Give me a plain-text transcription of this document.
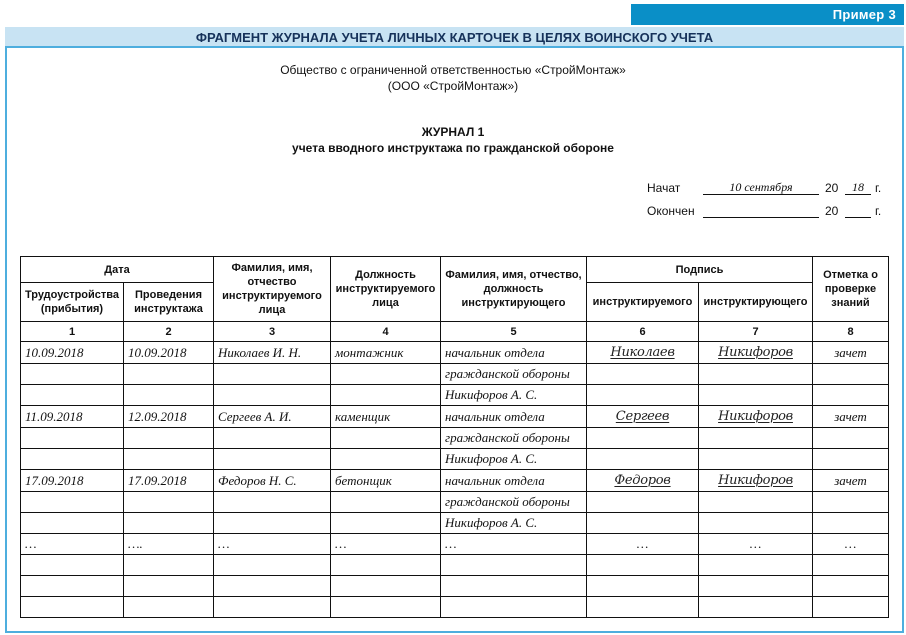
Пример 3
ФРАГМЕНТ ЖУРНАЛА УЧЕТА ЛИЧНЫХ КАРТОЧЕК В ЦЕЛЯХ ВОИНСКОГО УЧЕТА
Общество с ограниченной ответственностью «СтройМонтаж»
(ООО «СтройМонтаж»)
ЖУРНАЛ 1
учета вводного инструктажа по гражданской обороне
Начат	10 сентября	20	18 г.
Окончен	20	г.
Дата		Фамилия, имя, отчество инструктируемого лица	Должность инструктируемого лица	Фамилия, имя, отчество, должность инструктирующего	Подпись		Отметка о проверке знаний
Трудоустройства (прибытия)	Проведения инструктажа				инструктируемого	инструктирующего	
1	2	3	4	5	6	7	8
10.09.2018	10.09.2018	Николаев И. Н.	монтажник	начальник отдела	Николаев	Никифоров	зачет
				гражданской обороны			
				Никифоров А. С.			
11.09.2018	12.09.2018	Сергеев А. И.	каменщик	начальник отдела	Сергеев	Никифоров	зачет
				гражданской обороны			
				Никифоров А. С.			
17.09.2018	17.09.2018	Федоров Н. С.	бетонщик	начальник отдела	Федоров	Никифоров	зачет
				гражданской обороны			
				Никифоров А. С.			
…	….	…	…	…	…	…	…
